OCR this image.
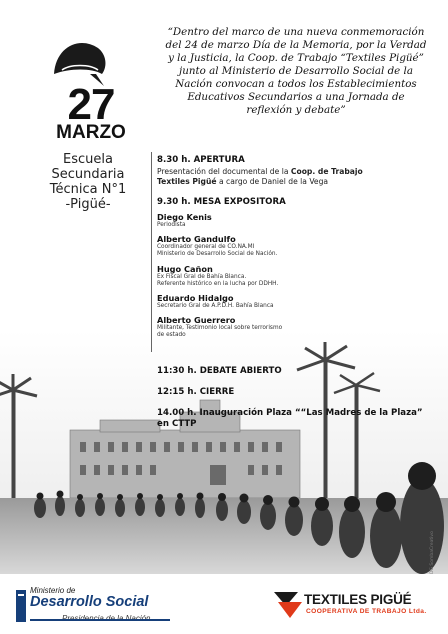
27
MARZO
Escuela
Secundaria
Técnica N°1
-Pigüé-
“Dentro del marco de una nueva conmemoración
del 24 de marzo Día de la Memoria, por la Verdad
y la Justicia, la Coop. de Trabajo “Textiles Pigüé”
junto al Ministerio de Desarrollo Social de la
Nación convocan a todos los Establecimientos
Educativos Secundarios a una Jornada de
reflexión y debate”
8.30 h. APERTURA
Presentación del documental de la Coop. de Trabajo
Textiles Pigüé a cargo de Daniel de la Vega
9.30 h. MESA EXPOSITORA
Diego Kenis
Periodista
Alberto Gandulfo
Coordinador general de CO.NA.MI
Ministerio de Desarrollo Social de Nación.
Hugo Cañon
Ex Fiscal Gral de Bahía Blanca.
Referente histórico en la lucha por DDHH.
Eduardo Hidalgo
Secretario Gral de A.P.D.H. Bahía Blanca
Alberto Guerrero
Militante, Testimonio local sobre terrorismo
de estado
11:30 h. DEBATE ABIERTO
12:15 h. CIERRE
14.00 h. Inauguración Plaza ““Las Madres de la Plaza”
en CTTP
Ministerio de
Desarrollo Social	TEXTILES PIGÜÉ
COOPERATIVA DE TRABAJO Ltda.
DG SombaCreativo
